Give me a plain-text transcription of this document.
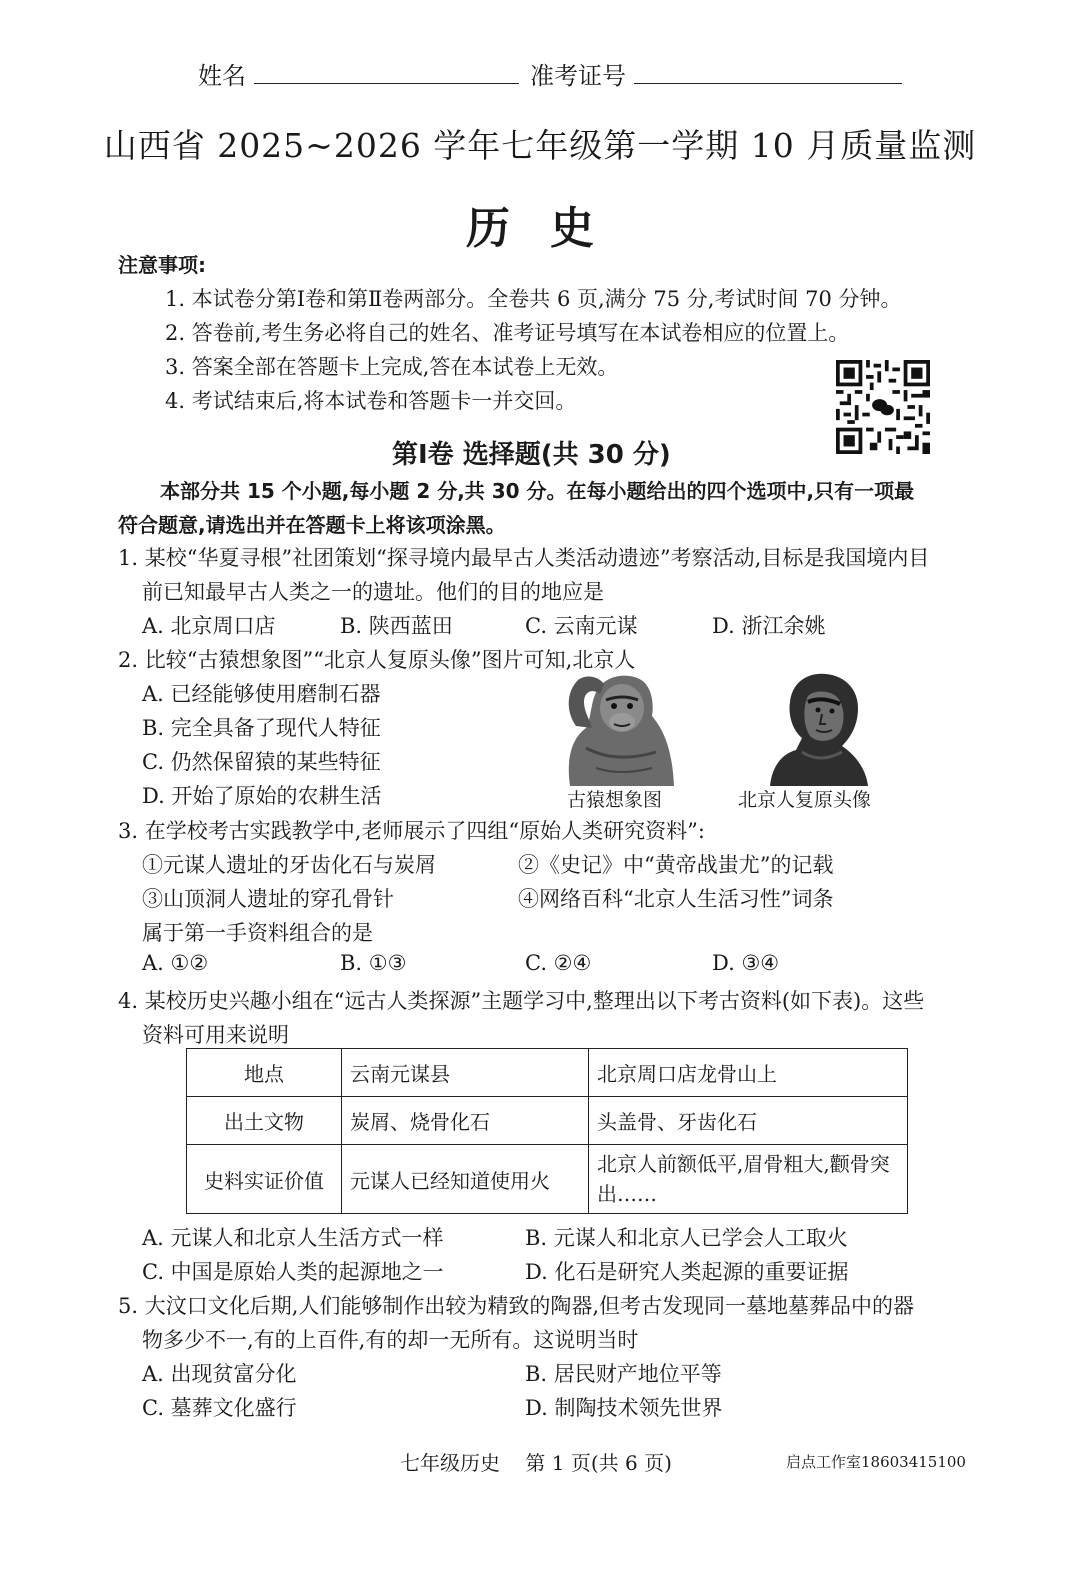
姓名	准考证号
山西省 2025~2026 学年七年级第一学期 10 月质量监测
历史
注意事项:
1. 本试卷分第Ⅰ卷和第Ⅱ卷两部分。全卷共 6 页,满分 75 分,考试时间 70 分钟。
2. 答卷前,考生务必将自己的姓名、准考证号填写在本试卷相应的位置上。
3. 答案全部在答题卡上完成,答在本试卷上无效。
4. 考试结束后,将本试卷和答题卡一并交回。
第Ⅰ卷 选择题(共 30 分)
本部分共 15 个小题,每小题 2 分,共 30 分。在每小题给出的四个选项中,只有一项最
符合题意,请选出并在答题卡上将该项涂黑。
1. 某校“华夏寻根”社团策划“探寻境内最早古人类活动遗迹”考察活动,目标是我国境内目
前已知最早古人类之一的遗址。他们的目的地应是
A. 北京周口店	B. 陕西蓝田	C. 云南元谋	D. 浙江余姚
2. 比较“古猿想象图”“北京人复原头像”图片可知,北京人
A. 已经能够使用磨制石器
B. 完全具备了现代人特征
C. 仍然保留猿的某些特征
D. 开始了原始的农耕生活	古猿想象图	北京人复原头像
3. 在学校考古实践教学中,老师展示了四组“原始人类研究资料”:
①元谋人遗址的牙齿化石与炭屑	②《史记》中“黄帝战蚩尤”的记载
③山顶洞人遗址的穿孔骨针	④网络百科“北京人生活习性”词条
属于第一手资料组合的是
A. ①②	B. ①③	C. ②④	D. ③④
4. 某校历史兴趣小组在“远古人类探源”主题学习中,整理出以下考古资料(如下表)。这些
资料可用来说明
地点	云南元谋县	北京周口店龙骨山上
出土文物	炭屑、烧骨化石	头盖骨、牙齿化石
史料实证价值	元谋人已经知道使用火	北京人前额低平,眉骨粗大,颧骨突出……
A. 元谋人和北京人生活方式一样	B. 元谋人和北京人已学会人工取火
C. 中国是原始人类的起源地之一	D. 化石是研究人类起源的重要证据
5. 大汶口文化后期,人们能够制作出较为精致的陶器,但考古发现同一墓地墓葬品中的器
物多少不一,有的上百件,有的却一无所有。这说明当时
A. 出现贫富分化	B. 居民财产地位平等
C. 墓葬文化盛行	D. 制陶技术领先世界
七年级历史    第 1 页(共 6 页)	启点工作室18603415100
